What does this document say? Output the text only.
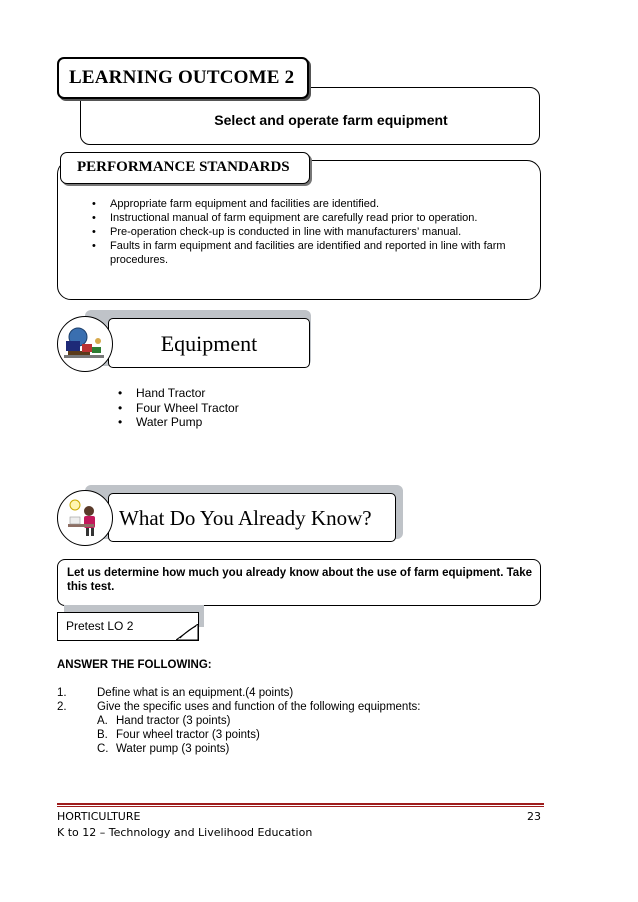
Select and operate farm equipment
LEARNING OUTCOME 2
PERFORMANCE STANDARDS
• Appropriate farm equipment and facilities are identified.
• Instructional manual of farm equipment are carefully read prior to operation.
• Pre-operation check-up is conducted in line with manufacturers’ manual.
• Faults in farm equipment and facilities are identified and reported in line with farm procedures.
Equipment
• Hand Tractor
• Four Wheel Tractor
• Water Pump
What Do You Already Know?
Let us determine how much you already know about the use of farm equipment. Take this test.
Pretest LO 2
ANSWER THE FOLLOWING:
1.	Define what is an equipment.(4 points)
2.	Give the specific uses and function of the following equipments:
A. Hand tractor (3 points)
B. Four wheel tractor (3 points)
C. Water pump (3 points)
HORTICULTURE
K to 12 – Technology and Livelihood Education
23
